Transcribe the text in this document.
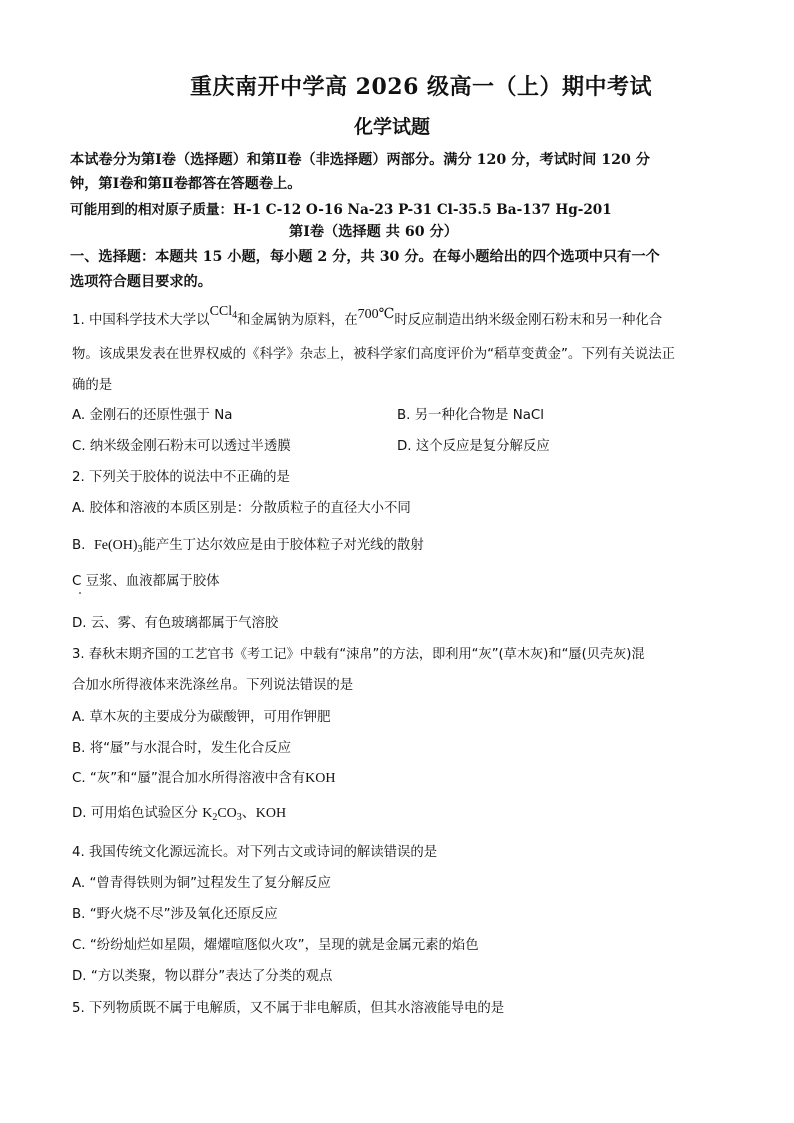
重庆南开中学高 2026 级高一（上）期中考试
化学试题
本试卷分为第Ⅰ卷（选择题）和第Ⅱ卷（非选择题）两部分。满分 120 分，考试时间 120 分
钟，第Ⅰ卷和第Ⅱ卷都答在答题卷上。
可能用到的相对原子质量：H-1 C-12 O-16 Na-23 P-31 Cl-35.5 Ba-137 Hg-201
第Ⅰ卷（选择题 共 60 分）
一、选择题：本题共 15 小题，每小题 2 分，共 30 分。在每小题给出的四个选项中只有一个
选项符合题目要求的。
1. 中国科学技术大学以CCl$_4$和金属钠为原料，在700℃时反应制造出纳米级金刚石粉末和另一种化合
物。该成果发表在世界权威的《科学》杂志上，被科学家们高度评价为“稻草变黄金”。下列有关说法正
确的是
A. 金刚石的还原性强于 Na	B. 另一种化合物是 NaCl
C. 纳米级金刚石粉末可以透过半透膜	D. 这个反应是复分解反应
2. 下列关于胶体的说法中不正确的是
A. 胶体和溶液的本质区别是：分散质粒子的直径大小不同
B. $Fe(OH)_3$能产生丁达尔效应是由于胶体粒子对光线的散射
C 豆浆、血液都属于胶体
D. 云、雾、有色玻璃都属于气溶胶
3. 春秋末期齐国的工艺官书《考工记》中载有“涑帛”的方法，即利用“灰”(草木灰)和“蜃(贝壳灰)混
合加水所得液体来洗涤丝帛。下列说法错误的是
A. 草木灰的主要成分为碳酸钾，可用作钾肥
B. 将“蜃”与水混合时，发生化合反应
C. “灰”和“蜃”混合加水所得溶液中含有KOH
D. 可用焰色试验区分 $K_2CO_3$、KOH
4. 我国传统文化源远流长。对下列古文或诗词的解读错误的是
A. “曾青得铁则为铜”过程发生了复分解反应
B. “野火烧不尽”涉及氧化还原反应
C. “纷纷灿烂如星陨，燿燿喧豗似火攻”，呈现的就是金属元素的焰色
D. “方以类聚，物以群分”表达了分类的观点
5. 下列物质既不属于电解质，又不属于非电解质，但其水溶液能导电的是
